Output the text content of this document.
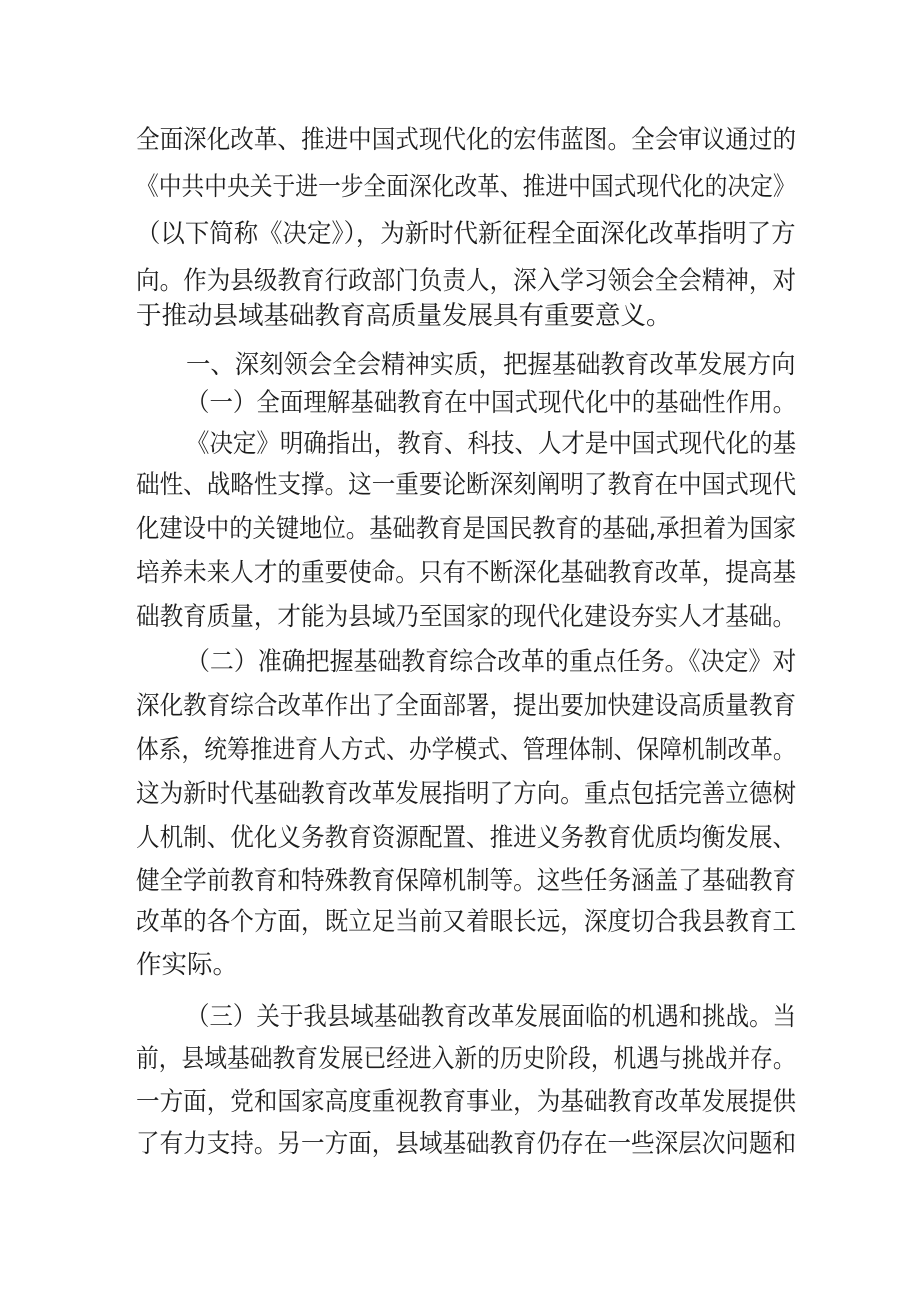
全面深化改革、推进中国式现代化的宏伟蓝图。全会审议通过的
《中共中央关于进一步全面深化改革、推进中国式现代化的决定》
（以下简称《决定》），为新时代新征程全面深化改革指明了方
向。作为县级教育行政部门负责人，深入学习领会全会精神，对
于推动县域基础教育高质量发展具有重要意义。
一、深刻领会全会精神实质，把握基础教育改革发展方向
（一）全面理解基础教育在中国式现代化中的基础性作用。
《决定》明确指出，教育、科技、人才是中国式现代化的基
础性、战略性支撑。这一重要论断深刻阐明了教育在中国式现代
化建设中的关键地位。基础教育是国民教育的基础,承担着为国家
培养未来人才的重要使命。只有不断深化基础教育改革，提高基
础教育质量，才能为县域乃至国家的现代化建设夯实人才基础。
（二）准确把握基础教育综合改革的重点任务。《决定》对
深化教育综合改革作出了全面部署，提出要加快建设高质量教育
体系，统筹推进育人方式、办学模式、管理体制、保障机制改革。
这为新时代基础教育改革发展指明了方向。重点包括完善立德树
人机制、优化义务教育资源配置、推进义务教育优质均衡发展、
健全学前教育和特殊教育保障机制等。这些任务涵盖了基础教育
改革的各个方面，既立足当前又着眼长远，深度切合我县教育工
作实际。
（三）关于我县域基础教育改革发展面临的机遇和挑战。当
前，县域基础教育发展已经进入新的历史阶段，机遇与挑战并存。
一方面，党和国家高度重视教育事业，为基础教育改革发展提供
了有力支持。另一方面，县域基础教育仍存在一些深层次问题和
